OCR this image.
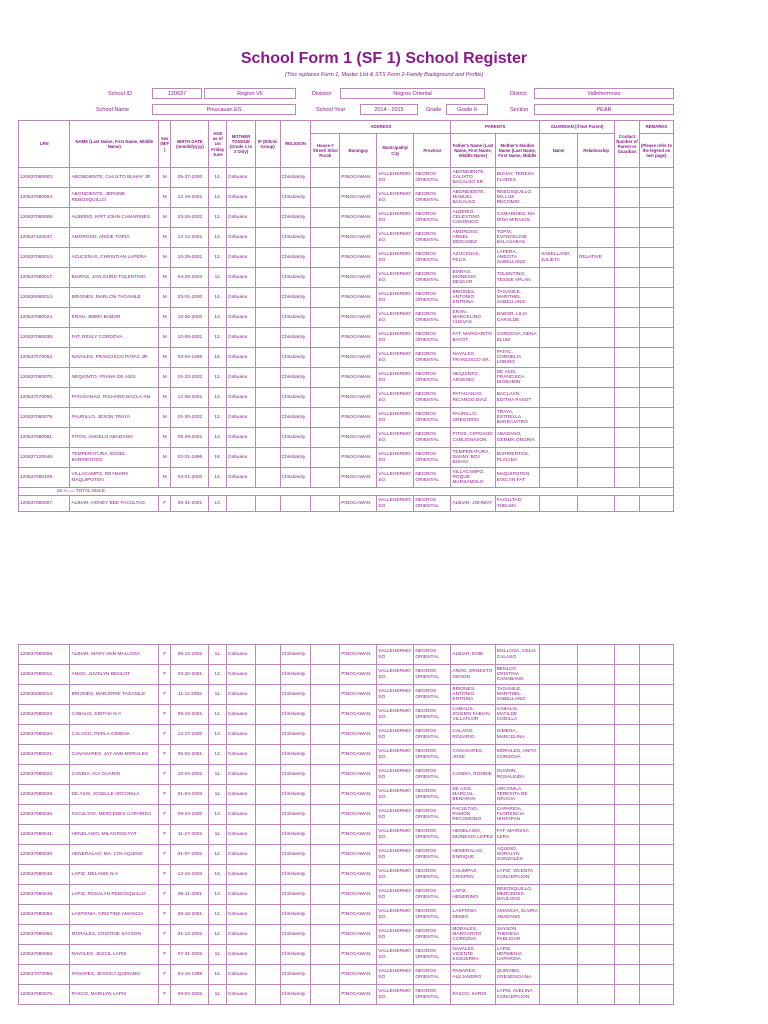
School Form 1 (SF 1) School Register
(This replaces Form 1, Master List & STS Form 2-Family Background and Profile)
School ID	120637	Region VII	Division	Negros Oriental	District	Vallehermoso
School Name	Pinucauan ES	School Year	2014 - 2015	Grade	Grade 6	Section	PEAR
LRN	NAME (Last Name, First Name, Middle Name)	Sex (M/F)	BIRTH DATE (mm/dd/yyyy)	AGE as of 1st Friday June	MOTHER TONGUE (Grade 1 to 3 Only)	IP (Ethnic Group)	RELIGION	ADDRESS				PARENTS		GUARDIAN (if Not Parent)		Contact Number of Parent or Guardian	REMARKS
								House # Street/ Sitio/ Purok	Barangay	Municipality/ City	Province	Father's Name (Last Name, First Name, Middle Name)	Mother's Maiden Name (Last Name, First Name, Middle	Name	Relationship		(Please refer to the legend on last page)
120637080003.	ABONDIENTE, CALIXTO BUHAY JR.	M	05-27-2000	14.	Cebuano		Christianity		PINOCAWAN	VALLEHERMOSO	NEGROS ORIENTAL	ABONDIENTE, CALIXTO BACALSO SR	BUHAY, TERESA FLORES				
120637080004.	ABONDIENTE, JEROME REBOSQUILLO	M	12-19-2001	12.	Cebuano		Christianity		PINOCAWAN	VALLEHERMOSO	NEGROS ORIENTAL	ABONDIENTE, MANUEL BACALSO	REBOSQUILLO, MA LUZ RECOMIO				
120637080006.	ALBERIO, KIRT JOHN CAMARINES	M	03-26-2002	12.	Cebuano		Christianity		PINOCAWAN	VALLEHERMOSO	NEGROS ORIENTAL	ALBERIO, CELESTINO CANONIGO	CAMARINES, MA DINA MIRASOL				
120637120047.	AMOROSO, ARGIE TOPIA	M	12-14-2001	12.	Cebuano		Christianity		PINOCAWAN	VALLEHERMOSO	NEGROS ORIENTAL	AMOROSO, ARNEL DIDCADEZ	TOPIA, EVANGELINE BALASABAS				
120637080014.	AZUCENAS, CHRISTIAN LAPERA	M	10-29-2001	12.	Cebuano		Christianity		PINOCAWAN	VALLEHERMOSO	NEGROS ORIENTAL	AZUCENAS, FELIX	LAPERA, ANECITA SABELLANO	SABELLANO, JULIETA	RELATIVE		
120637080017.	BIARAS, JAYLOURD TOLENTINO	M	04-29-2003	11.	Cebuano		Christianity		PINOCAWAN	VALLEHERMOSO	NEGROS ORIENTAL	BIARAS, DIONESIO DESCAR	TOLENTINO, TESSIE APLAN				
120636080014.	BRIONES, MARLON TAGANILE	M	03-01-2000	14.	Cebuano		Christianity		PINOCAWAN	VALLEHERMOSO	NEGROS ORIENTAL	BRIONES, ANTONIO ENTRINA	TAGANILE, MARITHEL SABELLANO				
120637080024.	ERAN, JIMMY BABOR	M	10-26-2000	13.	Cebuano		Christianity		PINOCAWAN	VALLEHERMOSO	NEGROS ORIENTAL	ERAN, MARCELINO CUEVAS	BABOR, LILIA CARALDE				
120637080036.	FAT, RESLY CORDOVA	M	10-08-2001	12.	Cebuano		Christianity		PINOCAWAN	VALLEHERMOSO	NEGROS ORIENTAL	FAT, MARGARITO BAYOT	CORDOVA, NENA ELUM				
120637070052.	NAVALES, FRANCISCO PATAC JR.	M	03-04-1998	16.	Cebuano		Christianity		PINOCAWAN	VALLEHERMOSO	NEGROS ORIENTAL	NAVALES, FRANCISCO SR.	PATAC, CORNELIA LOBINO				
120637080070.	NEQUINTO, FRANK DE ASIS	M	01-23-2002	12.	Cebuano		Christianity		PINOCAWAN	VALLEHERMOSO	NEGROS ORIENTAL	NEQUINTO, ARSENIO	DE ASIS, FRANCISCA DIGBAMIN				
120637070060.	PATAGANAO, RICHARD BACLA-AN	M	12-08-2001	12.	Cebuano		Christianity		PINOCAWAN	VALLEHERMOSO	NEGROS ORIENTAL	PATAGANAO, RICARDO DIAZ	BACLAAN, EDITHA PASOT				
120637080078.	PAURILLO, JESON TRAYA	M	01-30-2002	12.	Cebuano		Christianity		PINOCAWAN	VALLEHERMOSO	NEGROS ORIENTAL	PAURILLO, GREGORIO	TRAYA, ESTRELLA BARICUATRO				
120637080081.	PITOS, ANGELO ABADANO	M	05-29-2001	13.	Cebuano		Christianity		PINOCAWAN	VALLEHERMOSO	NEGROS ORIENTAL	PITOS, CIPRIANO CABUGNASON	ABADANO, GEMMA ONGRIA				
120637120046.	TEMPERATURA, EDSEL BARRIENTOS	M	02-01-1996	18.	Cebuano		Christianity		PINOCAWAN	VALLEHERMOSO	NEGROS ORIENTAL	TEMPERATURA, DANNY BOY BUHAY	BARRIENTOS, PLACIDA				
120637080109.	VILLACAMPO, REYMARK MAQUIPOTEN	M	04-01-2000	14.	Cebuano		Christianity		PINOCAWAN	VALLEHERMOSO	NEGROS ORIENTAL	VILLACAMPO, ROQUE MARSAMOLO	MAQUIPOTEN, EVELYN FAT				
16 <=== TOTAL MALE																	
120637080007.	ALBIAR, HONEY BEE FACULTAD	F	05-31-2001	13.					PINOCAWAN	VALLEHERMOSO	NEGROS ORIENTAL	ALBIAR, JOHNNY	FACULTAD, THELMA				
120637080008.	ALBIAR, MARY ANN MALLOSA	F	06-12-2002	11.	Cebuano		Christianity		PINOCAWAN	VALLEHERMOSO	NEGROS ORIENTAL	ALBIAR, ENIE	MALLOSA, CELIA CALASO				
120637080012.	ANOG, JUVELYN BENLOT	F	03-20-2001	13.	Cebuano		Christianity		PINOCAWAN	VALLEHERMOSO	NEGROS ORIENTAL	ANOG, ERNESTO GENON	BENLOT, CRISTINA CANABANO				
120636080013.	BRIONES, MARJORIE TAGANILE	F	11-11-2002	11.	Cebuano		Christianity		PINOCAWAN	VALLEHERMOSO	NEGROS ORIENTAL	BRIONES, ANTONIO ENTRINA	TAGANILE, MARITHEL SABELLANO				
120637080023.	CABALIS, EDITHA N-A	F	09-16-2001	12.	Cebuano		Christianity		PINOCAWAN	VALLEHERMOSO	NEGROS ORIENTAL	CABALIS, ZOSIMO FABIAN VILLAFLOR	CABALIS, MATILDE CODILLA				
120637080020.	CALAGO, PERLA GIMENA	F	12-27-2000	13.	Cebuano		Christianity		PINOCAWAN	VALLEHERMOSO	NEGROS ORIENTAL	CALAGO, ROSARIO	GIMENA, MARCELINA				
120637080021.	CANASARES, JAY ANN MORALES	F	05-02-2001	13.	Cebuano		Christianity		PINOCAWAN	VALLEHERMOSO	NEGROS ORIENTAL	CANASARES, JOSE	MORALES, ANITA CORDOVA				
120637080022.	CANDIA, ICA GUARIN	F	10-04-2002	11.	Cebuano		Christianity		PINOCAWAN	VALLEHERMOSO	NEGROS ORIENTAL	CANDIA, RONNIE	GUARIN, ROSALINDA				
120637080029.	DE ASIS, JOSELLE ARCONILA	F	01-04-2003	11.	Cebuano		Christianity		PINOCAWAN	VALLEHERMOSO	NEGROS ORIENTAL	DE ASIS, MARCIAL BENARAN	ARCONILA, TERESITA DE GRACIA				
120637080035.	FACULTAD, MERCEDES CAPARIDA	F	09-24-2000	13.	Cebuano		Christianity		PINOCAWAN	VALLEHERMOSO	NEGROS ORIENTAL	FACULTAD, RAMON RECOMONO	CAPARIDA, FLORENCIA HINTAPAN				
120637080041.	HENELAISO, MILAGROS FAT	F	11-27-2002	11.	Cebuano		Christianity		PINOCAWAN	VALLEHERMOSO	NEGROS ORIENTAL	HENELAISO, DIONESIO LOPEZ	FAT, MARISSA LERA				
120637080039.	HENERALAO, MA. LYN AQUINO	F	01-07-2002	12.	Cebuano		Christianity		PINOCAWAN	VALLEHERMOSO	NEGROS ORIENTAL	HENERALAO, ENRIQUE	AQUINO, NORALYN GONZALES				
120637080048.	LAPIZ, MELANIE N-A	F	12-16-2003	10.	Cebuano		Christianity		PINOCAWAN	VALLEHERMOSO	NEGROS ORIENTAL	CALIMPAS, CRISPEN	LAPIZ, VICENTA CONCEPCION				
120637080049.	LAPIZ, ROSALYN REBOSQUILLO	F	05-11-2001	13.	Cebuano		Christianity		PINOCAWAN	VALLEHERMOSO	NEGROS ORIENTAL	LAPIZ, HENDRINO	REBOSQUILLO, MERCEDES DAULONG				
120637080050.	LASPONIA, CRISTINE AMANCIA	F	08-18-2001	12.	Cebuano		Christianity		PINOCAWAN	VALLEHERMOSO	NEGROS ORIENTAL	LASPONIA, DEMIO	AMANCIA, ELVIRA ABADANO				
120637080063.	MORALES, CRISTINE SAYSON	F	01-13-2002	12.	Cebuano		Christianity		PINOCAWAN	VALLEHERMOSO	NEGROS ORIENTAL	MORALES, MARGARITO CORDOVA	SAYSON, THERESA PABLIGAR				
120637080068.	NAVALES, JESCIL LAPIZ	F	07-31-2002	11.	Cebuano		Christianity		PINOCAWAN	VALLEHERMOSO	NEGROS ORIENTAL	NAVALES, VICENTE ESSUERRA	LAPIZ, HERMENIA CAPARIDA				
120637070055.	PANARES, JESSICA QUIRABO	F	04-15-1999	15.	Cebuano		Christianity		PINOCAWAN	VALLEHERMOSO	NEGROS ORIENTAL	PANARES, ALEJANDRO	QUIRABO, CRESENCIANA				
120637080076.	PASCO, MARILYN LAPIS	F	09-04-2002	11.	Cebuano		Christianity		PINOCAWAN	VALLEHERMOSO	NEGROS ORIENTAL	PASCO, SARDI	LAPIS, AVELINA CONCEPCION				
